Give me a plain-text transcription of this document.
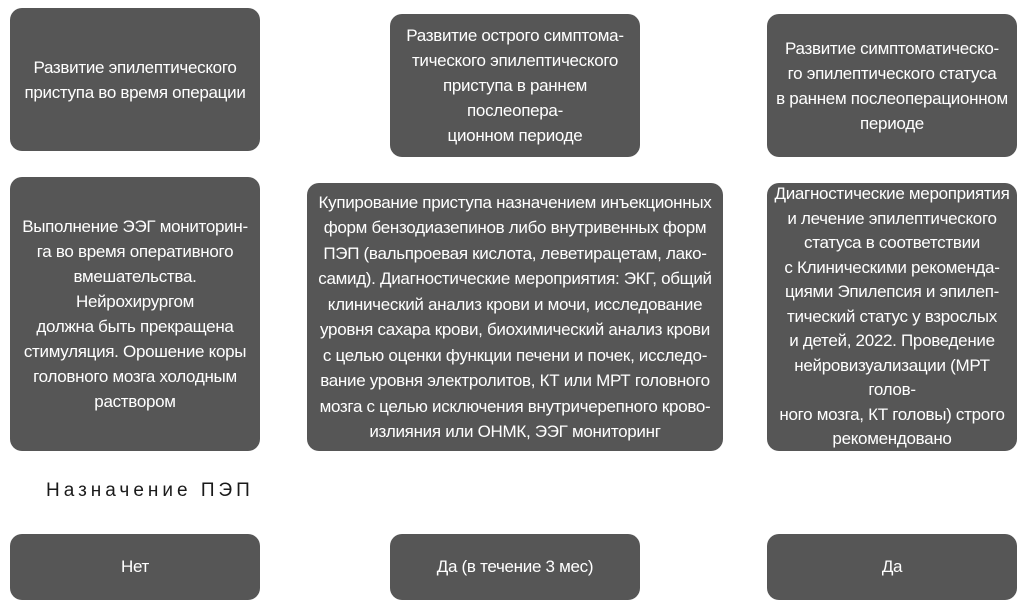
Развитие эпилептического
приступа во время операции
Развитие острого симптома-
тического эпилептического
приступа в раннем послеопера-
ционном периоде
Развитие симптоматическо-
го эпилептического статуса
в раннем послеоперационном
периоде
Выполнение ЭЭГ мониторин-
га во время оперативного
вмешательства. Нейрохирургом
должна быть прекращена
стимуляция. Орошение коры
головного мозга холодным
раствором
Купирование приступа назначением инъекционных
форм бензодиазепинов либо внутривенных форм
ПЭП (вальпроевая кислота, леветирацетам, лако-
самид). Диагностические мероприятия: ЭКГ, общий
клинический анализ крови и мочи, исследование
уровня сахара крови, биохимический анализ крови
с целью оценки функции печени и почек, исследо-
вание уровня электролитов, КТ или МРТ головного
мозга с целью исключения внутричерепного крово-
излияния или ОНМК, ЭЭГ мониторинг
Диагностические мероприятия
и лечение эпилептического
статуса в соответствии
с Клиническими рекоменда-
циями Эпилепсия и эпилеп-
тический статус у взрослых
и детей, 2022. Проведение
нейровизуализации (МРТ голов-
ного мозга, КТ головы) строго
рекомендовано
Назначение ПЭП
Нет	Да (в течение 3 мес)	Да
